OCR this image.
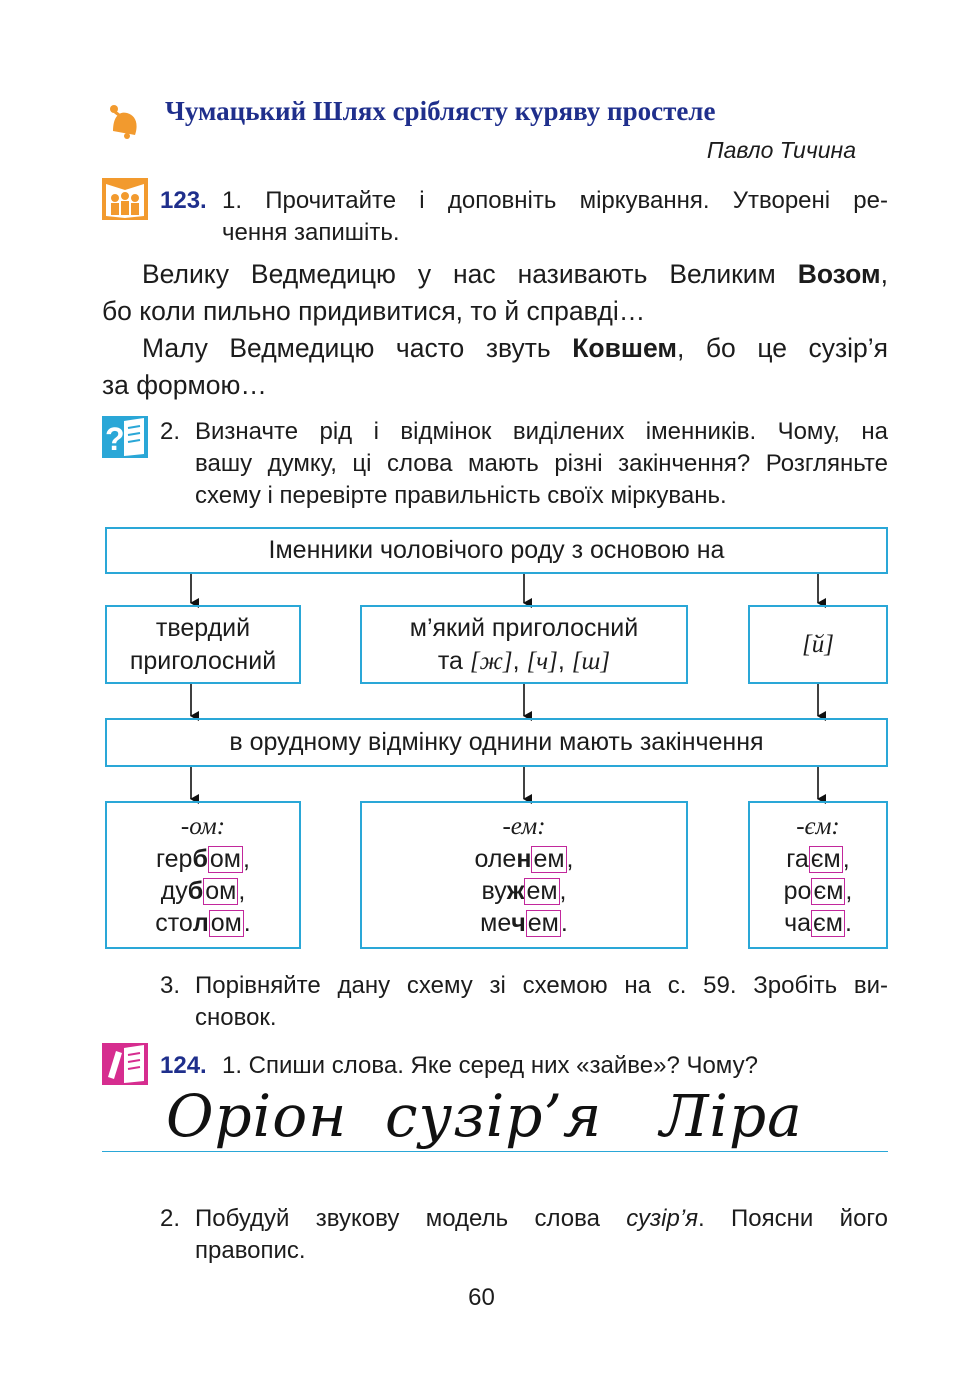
Чумацький Шлях сріблясту куряву простеле
Павло Тичина
123. 1. Прочитайте і доповніть міркування. Утворені ре-
чення запишіть.
Велику Ведмедицю у нас називають Великим Возом,
бо коли пильно придивитися, то й справді…
Малу Ведмедицю часто звуть Ковшем, бо це сузір’я
за формою…
? 2. Визначте рід і відмінок виділених іменників. Чому, на
вашу думку, ці слова мають різні закінчення? Розгляньте
схему і перевірте правильність своїх міркувань.
Іменники чоловічого роду з основою на
твердий
приголосний
м’який приголосний
та [ж], [ч], [ш]
[й]
в орудному відмінку однини мають закінчення
-ом:
гербом,
дубом,
столом.
-ем:
оленем,
вужем,
мечем.
-єм:
гаєм,
роєм,
чаєм.
3. Порівняйте дану схему зі схемою на с. 59. Зробіть ви-
сновок.
124. 1. Спиши слова. Яке серед них «зайве»? Чому?
Оріон сузір’я Ліра
2. Побудуй звукову модель слова сузір’я. Поясни його
правопис.
60
